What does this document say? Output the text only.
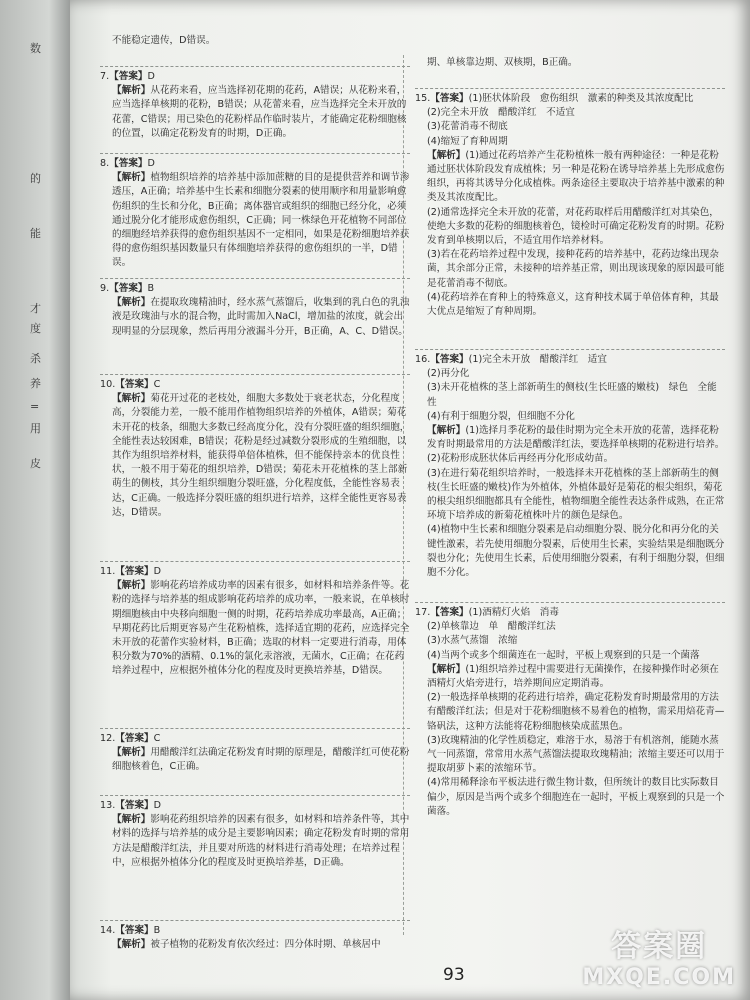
数
的
能
才
度
杀
养
=
用
皮

不能稳定遗传，D错误。

7.【答案】D

【解析】从花药来看，应当选择初花期的花药，A错误；从花粉来看，应当选择单核期的花粉，B错误；从花蕾来看，应当选择完全未开放的花蕾，C错误；用已染色的花粉样品作临时装片，才能确定花粉细胞核的位置，以确定花粉发育的时期，D正确。

8.【答案】D

【解析】植物组织培养的培养基中添加蔗糖的目的是提供营养和调节渗透压，A正确；培养基中生长素和细胞分裂素的使用顺序和用量影响愈伤组织的生长和分化，B正确；离体器官或组织的细胞已经分化，必须通过脱分化才能形成愈伤组织，C正确；同一株绿色开花植物不同部位的细胞经培养获得的愈伤组织基因不一定相同，如果是花粉细胞培养获得的愈伤组织基因数量只有体细胞培养获得的愈伤组织的一半，D错误。

9.【答案】B

【解析】在提取玫瑰精油时，经水蒸气蒸馏后，收集到的乳白色的乳浊液是玫瑰油与水的混合物，此时需加入NaCl，增加盐的浓度，就会出现明显的分层现象，然后再用分液漏斗分开，B正确，A、C、D错误。

10.【答案】C

【解析】菊花开过花的老枝处，细胞大多数处于衰老状态，分化程度高，分裂能力差，一般不能用作植物组织培养的外植体，A错误；菊花未开花的枝条，细胞大多数已经高度分化，没有分裂旺盛的组织细胞，全能性表达较困难，B错误；花粉是经过减数分裂形成的生殖细胞，以其作为组织培养材料，能获得单倍体植株，但不能保持亲本的优良性状，一般不用于菊花的组织培养，D错误；菊花未开花植株的茎上部新萌生的侧枝，其分生组织细胞分裂旺盛，分化程度低，全能性容易表达，C正确。一般选择分裂旺盛的组织进行培养，这样全能性更容易表达，D错误。

11.【答案】D

【解析】影响花药培养成功率的因素有很多，如材料和培养条件等。花粉的选择与培养基的组成影响花药培养的成功率，一般来说，在单核时期细胞核由中央移向细胞一侧的时期，花药培养成功率最高，A正确；早期花药比后期更容易产生花粉植株，选择适宜期的花药，应选择完全未开放的花蕾作实验材料，B正确；选取的材料一定要进行消毒，用体积分数为70%的酒精、0.1%的氯化汞溶液，无菌水，C正确；在花药培养过程中，应根据外植体分化的程度及时更换培养基，D错误。

12.【答案】C

【解析】用醋酸洋红法确定花粉发育时期的原理是，醋酸洋红可使花粉细胞核着色，C正确。

13.【答案】D

【解析】影响花药组织培养的因素有很多，如材料和培养条件等，其中材料的选择与培养基的成分是主要影响因素；确定花粉发育时期的常用方法是醋酸洋红法，并且要对所选的材料进行消毒处理；在培养过程中，应根据外植体分化的程度及时更换培养基，D正确。

14.【答案】B

【解析】被子植物的花粉发育依次经过：四分体时期、单核居中

期、单核靠边期、双核期，B正确。

15.【答案】(1)胚状体阶段　愈伤组织　激素的种类及其浓度配比

(2)完全未开放　醋酸洋红　不适宜

(3)花蕾消毒不彻底

(4)缩短了育种周期

【解析】(1)通过花药培养产生花粉植株一般有两种途径：一种是花粉通过胚状体阶段发育成植株；另一种是花粉在诱导培养基上先形成愈伤组织，再将其诱导分化成植株。两条途径主要取决于培养基中激素的种类及其浓度配比。

(2)通常选择完全未开放的花蕾，对花药取样后用醋酸洋红对其染色，使绝大多数的花粉的细胞核着色，镜检时可确定花粉发育的时期。花粉发育到单核期以后，不适宜用作培养材料。

(3)若在花药培养过程中发现，接种花药的培养基中，花药边缘出现杂菌，其余部分正常，未接种的培养基正常，则出现该现象的原因最可能是花蕾消毒不彻底。

(4)花药培养在育种上的特殊意义，这育种技术属于单倍体育种，其最大优点是缩短了育种周期。

16.【答案】(1)完全未开放　醋酸洋红　适宜

(2)再分化

(3)未开花植株的茎上部新萌生的侧枝(生长旺盛的嫩枝)　绿色　全能性

(4)有利于细胞分裂，但细胞不分化

【解析】(1)选择月季花粉的最佳时期为完全未开放的花蕾，选择花粉发育时期最常用的方法是醋酸洋红法，要选择单核期的花粉进行培养。

(2)花粉形成胚状体后再经再分化形成幼苗。

(3)在进行菊花组织培养时，一般选择未开花植株的茎上部新萌生的侧枝(生长旺盛的嫩枝)作为外植体，外植体最好是菊花的根尖组织，菊花的根尖组织细胞都具有全能性，植物细胞全能性表达条件成熟，在正常环境下培养成的新菊花植株叶片的颜色是绿色。

(4)植物中生长素和细胞分裂素是启动细胞分裂、脱分化和再分化的关键性激素，若先使用细胞分裂素，后使用生长素，实验结果是细胞既分裂也分化；先使用生长素，后使用细胞分裂素，有利于细胞分裂，但细胞不分化。

17.【答案】(1)酒精灯火焰　消毒

(2)单核靠边　单　醋酸洋红法

(3)水蒸气蒸馏　浓缩

(4)当两个或多个细菌连在一起时，平板上观察到的只是一个菌落

【解析】(1)组织培养过程中需要进行无菌操作，在接种操作时必须在酒精灯火焰旁进行，培养期间应定期消毒。

(2)一般选择单核期的花药进行培养，确定花粉发育时期最常用的方法有醋酸洋红法；但是对于花粉细胞核不易着色的植物，需采用焙花青—铬矾法，这种方法能将花粉细胞核染成蓝黑色。

(3)玫瑰精油的化学性质稳定，难溶于水，易溶于有机溶剂，能随水蒸气一同蒸馏，常常用水蒸气蒸馏法提取玫瑰精油；浓缩主要还可以用于提取胡萝卜素的浓缩环节。

(4)常用稀释涂布平板法进行微生物计数，但所统计的数目比实际数目偏少，原因是当两个或多个细胞连在一起时，平板上观察到的只是一个菌落。

93
答案圈
MXQE.COM
